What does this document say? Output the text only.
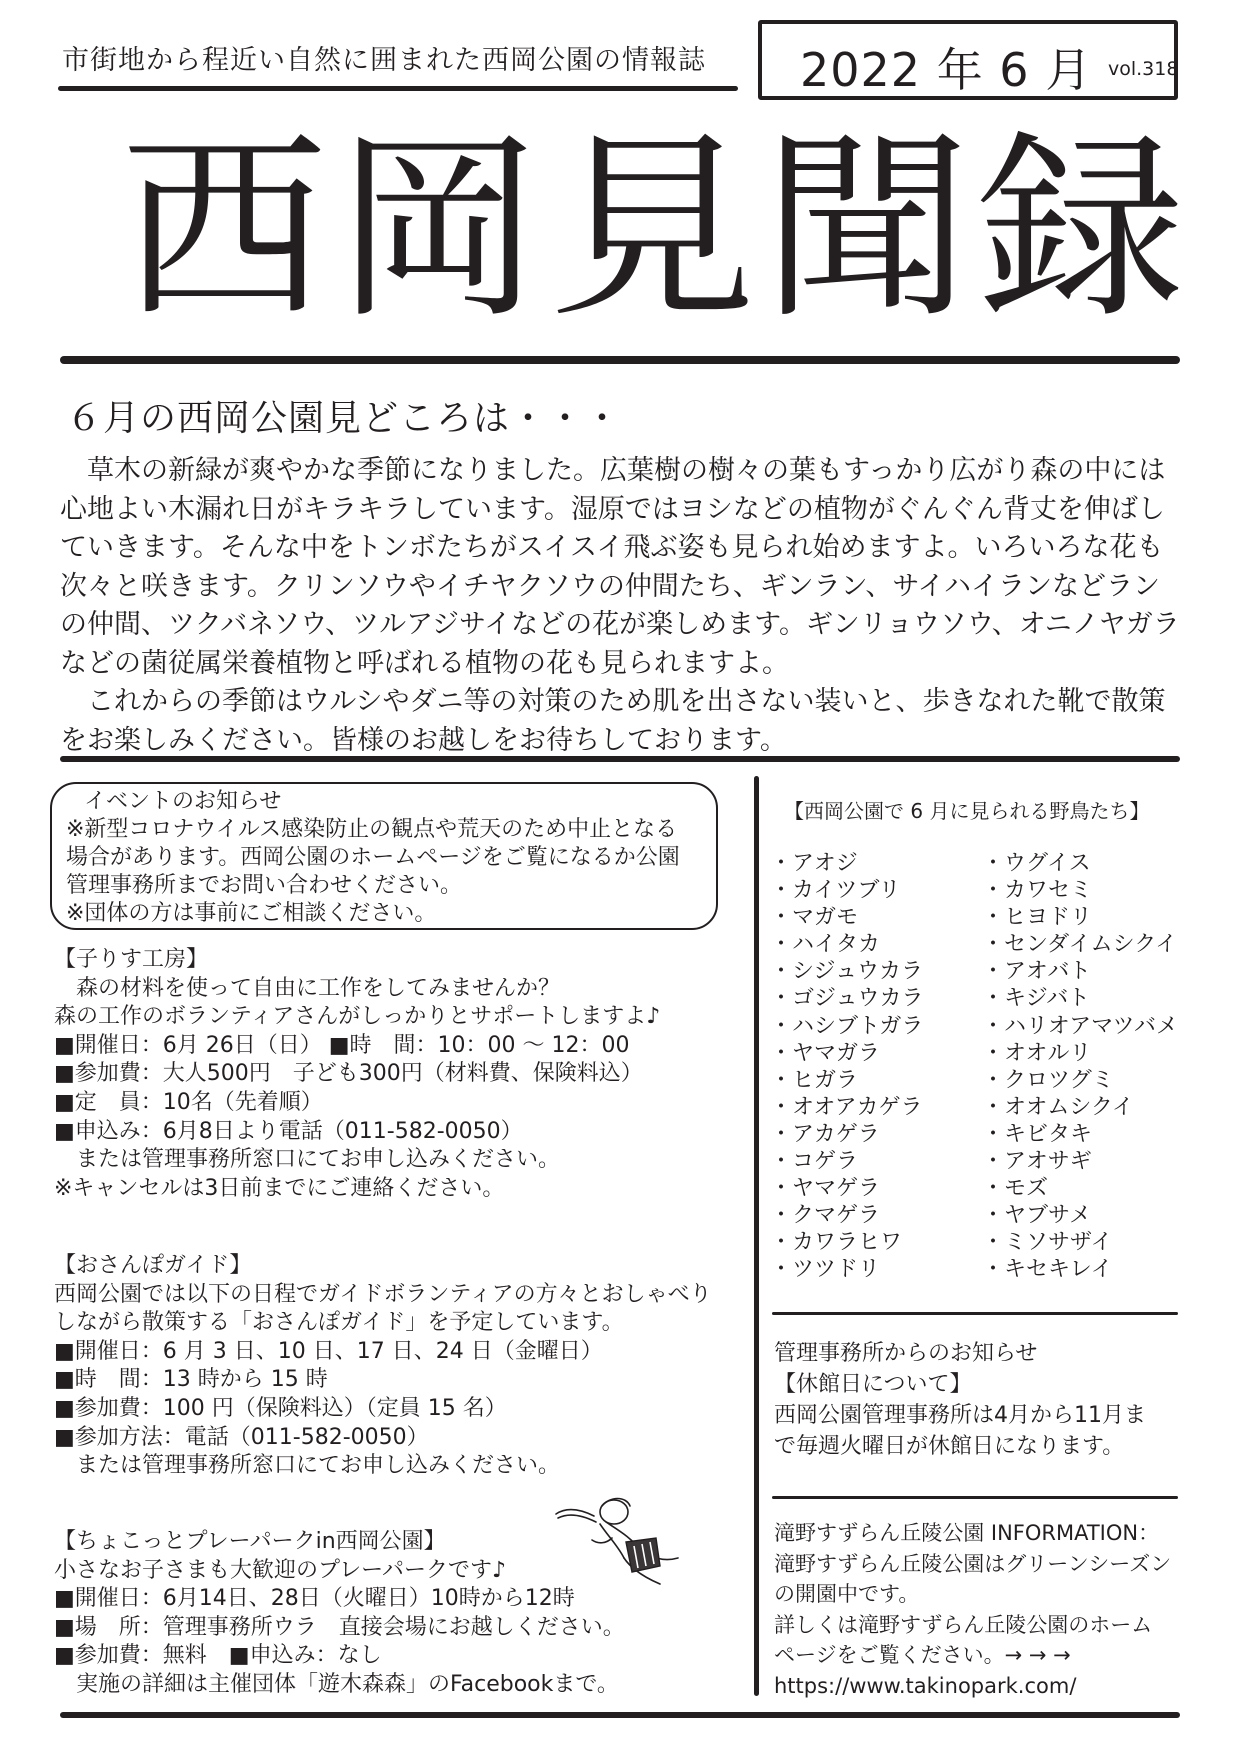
市街地から程近い自然に囲まれた西岡公園の情報誌 2022 年 6 月 vol.318
西岡見聞録
６月の西岡公園見どころは・・・

草木の新緑が爽やかな季節になりました。広葉樹の樹々の葉もすっかり広がり森の中には心地よい木漏れ日がキラキラしています。湿原ではヨシなどの植物がぐんぐん背丈を伸ばしていきます。そんな中をトンボたちがスイスイ飛ぶ姿も見られ始めますよ。いろいろな花も次々と咲きます。クリンソウやイチヤクソウの仲間たち、ギンラン、サイハイランなどランの仲間、ツクバネソウ、ツルアジサイなどの花が楽しめます。ギンリョウソウ、オニノヤガラなどの菌従属栄養植物と呼ばれる植物の花も見られますよ。

これからの季節はウルシやダニ等の対策のため肌を出さない装いと、歩きなれた靴で散策をお楽しみください。皆様のお越しをお待ちしております。

イベントのお知らせ
※新型コロナウイルス感染防止の観点や荒天のため中止となる
場合があります。西岡公園のホームページをご覧になるか公園
管理事務所までお問い合わせください。
※団体の方は事前にご相談ください。
【子りす工房】
森の材料を使って自由に工作をしてみませんか？
森の工作のボランティアさんがしっかりとサポートしますよ♪
■開催日：6月 26日（日） ■時　間：10：00 ～ 12：00
■参加費：大人500円　子ども300円（材料費、保険料込）
■定　員：10名（先着順）
■申込み：6月8日より電話（011-582-0050）
または管理事務所窓口にてお申し込みください。
※キャンセルは3日前までにご連絡ください。
【おさんぽガイド】
西岡公園では以下の日程でガイドボランティアの方々とおしゃべり
しながら散策する「おさんぽガイド」を予定しています。
■開催日：6 月 3 日、10 日、17 日、24 日（金曜日）
■時　間：13 時から 15 時
■参加費：100 円（保険料込）（定員 15 名）
■参加方法：電話（011-582-0050）
または管理事務所窓口にてお申し込みください。
【ちょこっとプレーパークin西岡公園】
小さなお子さまも大歓迎のプレーパークです♪
■開催日：6月14日、28日（火曜日）10時から12時
■場　所：管理事務所ウラ　直接会場にお越しください。
■参加費：無料　■申込み：なし
実施の詳細は主催団体「遊木森森」のFacebookまで。
【西岡公園で 6 月に見られる野鳥たち】
・アオジ
・カイツブリ
・マガモ
・ハイタカ
・シジュウカラ
・ゴジュウカラ
・ハシブトガラ
・ヤマガラ
・ヒガラ
・オオアカゲラ
・アカゲラ
・コゲラ
・ヤマゲラ
・クマゲラ
・カワラヒワ
・ツツドリ
・ウグイス
・カワセミ
・ヒヨドリ
・センダイムシクイ
・アオバト
・キジバト
・ハリオアマツバメ
・オオルリ
・クロツグミ
・オオムシクイ
・キビタキ
・アオサギ
・モズ
・ヤブサメ
・ミソサザイ
・キセキレイ
管理事務所からのお知らせ
【休館日について】
西岡公園管理事務所は4月から11月ま
で毎週火曜日が休館日になります。
滝野すずらん丘陵公園 INFORMATION：
滝野すずらん丘陵公園はグリーンシーズン
の開園中です。
詳しくは滝野すずらん丘陵公園のホーム
ページをご覧ください。→ → →
https://www.takinopark.com/
